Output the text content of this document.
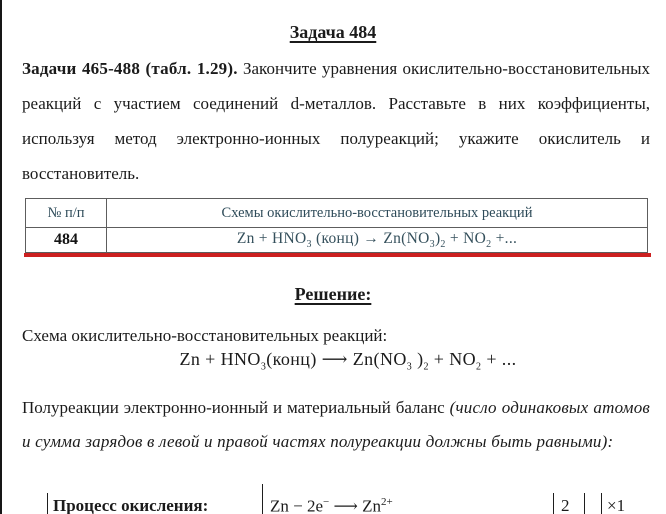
Задача 484

Задачи 465-488 (табл. 1.29). Закончите уравнения окислительно-восстановительных реакций с участием соединений d-металлов. Расставьте в них коэффициенты, используя метод электронно-ионных полуреакций; укажите окислитель и восстановитель.

№ п/п	Схемы окислительно-восстановительных реакций
484	$Zn + HNO_3$ (конц) → $Zn(NO_3)_2 + NO_2$ +...
Решение:

Схема окислительно-восстановительных реакций:

$Zn + HNO_3(конц)$ ⟶ $Zn(NO_3$ )$_2 + NO_2$ + ...

Полуреакции электронно-ионный и материальный баланс (число одинаковых атомов и сумма зарядов в левой и правой частях полуреакции должны быть равными):

Процесс окисления:	Zn − 2e− ⟶ $Zn^{2+}$	2	×1
